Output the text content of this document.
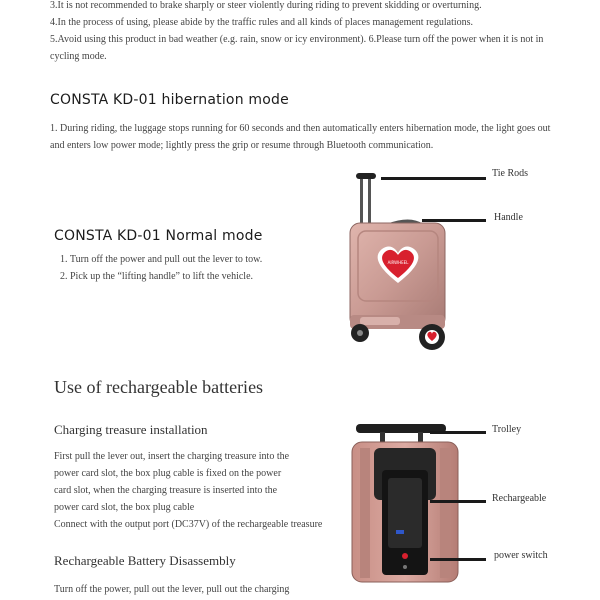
3.It is not recommended to brake sharply or steer violently during riding to prevent skidding or overturning.
4.In the process of using, please abide by the traffic rules and all kinds of places management regulations.
5.Avoid using this product in bad weather (e.g. rain, snow or icy environment). 6.Please turn off the power when it is not in cycling mode.
CONSTA KD-01 hibernation mode
1. During riding, the luggage stops running for 60 seconds and then automatically enters hibernation mode, the light goes out and enters low power mode; lightly press the grip or resume through Bluetooth communication.
CONSTA KD-01 Normal mode
1. Turn off the power and pull out the lever to tow.
2. Pick up the “lifting handle” to lift the vehicle.
AIRWHEEL
Tie Rods
Handle
Use of rechargeable batteries
Charging treasure installation
First pull the lever out, insert the charging treasure into the
power card slot, the box plug cable is fixed on the power
card slot, when the charging treasure is inserted into the
power card slot, the box plug cable
Connect with the output port (DC37V) of the rechargeable treasure
Rechargeable Battery Disassembly
Turn off the power, pull out the lever, pull out the charging
Trolley
Rechargeable
power switch
